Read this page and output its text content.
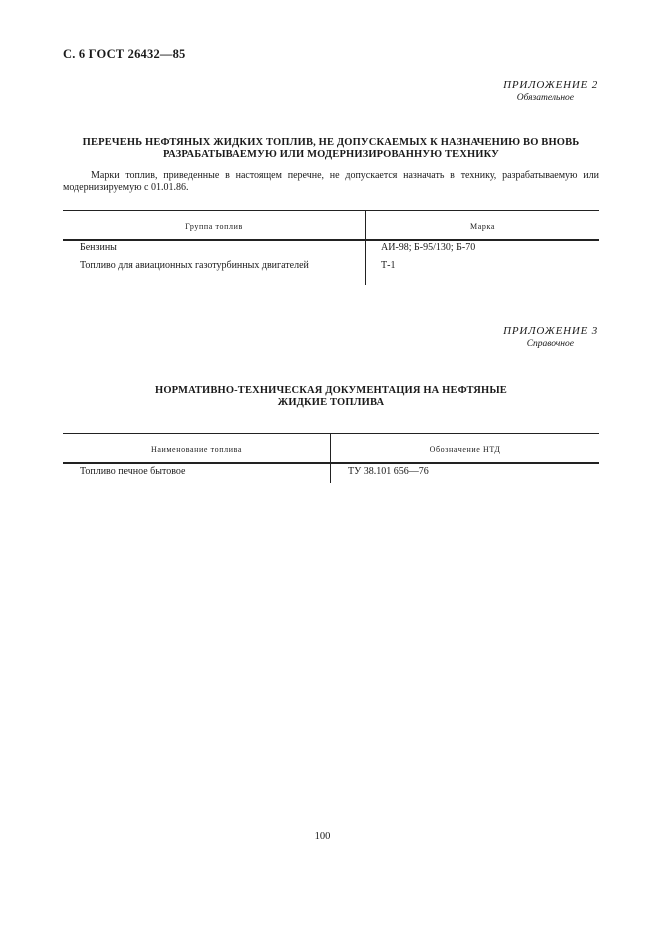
С. 6 ГОСТ 26432—85
ПРИЛОЖЕНИЕ 2
Обязательное
ПЕРЕЧЕНЬ НЕФТЯНЫХ ЖИДКИХ ТОПЛИВ, НЕ ДОПУСКАЕМЫХ К НАЗНАЧЕНИЮ ВО ВНОВЬ
РАЗРАБАТЫВАЕМУЮ ИЛИ МОДЕРНИЗИРОВАННУЮ ТЕХНИКУ
Марки топлив, приведенные в настоящем перечне, не допускается назначать в технику, разрабатываемую или модернизируемую с 01.01.86.
Группа топлив	Марка
Бензины	АИ-98; Б-95/130; Б-70
Топливо для авиационных газотурбинных двигателей	Т-1
ПРИЛОЖЕНИЕ 3
Справочное
НОРМАТИВНО-ТЕХНИЧЕСКАЯ ДОКУМЕНТАЦИЯ НА НЕФТЯНЫЕ
ЖИДКИЕ ТОПЛИВА
Наименование топлива	Обозначение НТД
Топливо печное бытовое	ТУ 38.101 656—76
100
